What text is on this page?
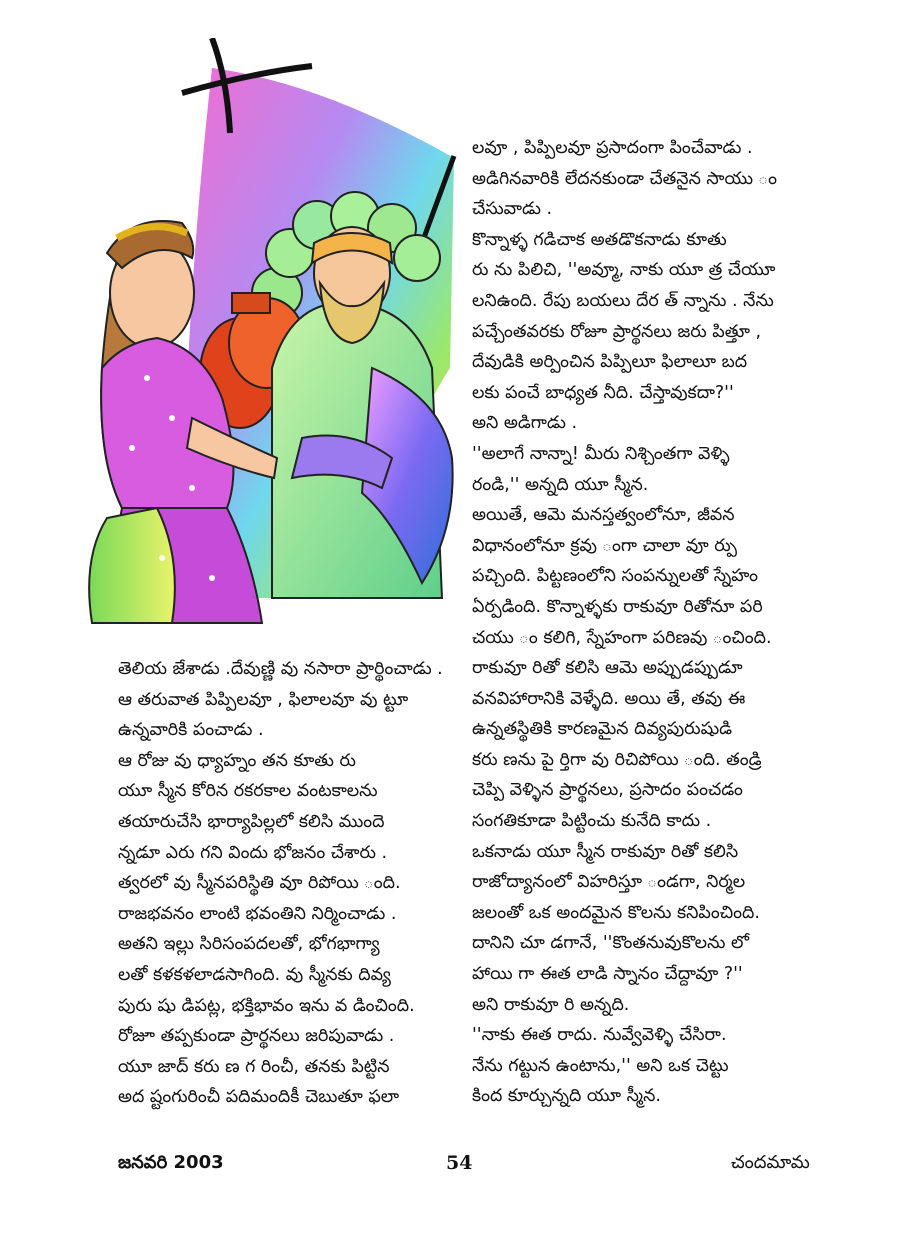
లవూ , పిప్పిలవూ ప్రసాదంగా పించేవాడు .

అడిగినవారికి లేదనకుండా చేతనైన సాయు ం

చేసువాడు .

కొన్నాళ్ళ గడిచాక అతడొకనాడు కూతు

రు ను పిలిచి, ''అవ్మూ, నాకు యూ త్ర చేయూ

లనిఉంది. రేపు బయలు దేర త్ న్నాను . నేను

పచ్చేంతవరకు రోజూ ప్రార్థనలు జరు పిత్తూ ,

దేవుడికి అర్పించిన పిప్పిలూ ఫిలాలూ బద

లకు పంచే బాధ్యత నీది. చేస్తావుకదా?''

అని అడిగాడు .

''అలాగే నాన్నా! మీరు నిశ్చింతగా వెళ్ళి

రండి,'' అన్నది యూ స్మీన.

అయితే, ఆమె మనస్తత్వంలోనూ, జీవన

విధానంలోనూ క్రవు ంగా చాలా వూ ర్పు

పచ్చింది. పిట్టణంలోని సంపన్నులతో స్నేహం

ఏర్పడింది. కొన్నాళ్ళకు రాకువూ రితోనూ పరి

చయు ం కలిగి, స్నేహంగా పరిణవు ంచింది.

రాకువూ రితో కలిసి ఆమె అప్పుడప్పుడూ

వనవిహారానికి వెళ్ళేది. అయి తే, తవు ఈ

ఉన్నతస్థితికి కారణమైన దివ్యపురుషుడి

కరు ణను పై ర్తిగా వు రిచిపోయి ంది. తండ్రి

చెప్పి వెళ్ళిన ప్రార్థనలు, ప్రసాదం పంచడం

సంగతికూడా పిట్టించు కునేది కాదు .

ఒకనాడు యూ స్మీన రాకువూ రితో కలిసి

రాజోద్యానంలో విహరిస్తూ ండగా, నిర్మల

జలంతో ఒక అందమైన కొలను కనిపించింది.

దానిని చూ డగానే, ''కొంతనువుకొలను లో

హాయి గా ఈత లాడి స్నానం చేద్దావూ ?''

అని రాకువూ రి అన్నది.

''నాకు ఈత రాదు. నువ్వేవెళ్ళి చేసిరా.

నేను గట్టున ఉంటాను,'' అని ఒక చెట్టు

కింద కూర్చున్నది యూ స్మీన.

తెలియ జేశాడు .దేవుణ్ణి వు నసారా ప్రార్థించాడు .

ఆ తరువాత పిప్పిలవూ , ఫిలాలవూ వు ట్టూ

ఉన్నవారికి పంచాడు .

ఆ రోజు వు ధ్యాహ్నం తన కూతు రు

యూ స్మీన కోరిన రకరకాల వంటకాలను

తయారుచేసి భార్యాపిల్లలో కలిసి ముందె

న్నడూ ఎరు గని విందు భోజనం చేశారు .

త్వరలో వు స్మీనపరిస్థితి వూ రిపోయి ంది.

రాజభవనం లాంటి భవంతిని నిర్మించాడు .

అతని ఇల్లు సిరిసంపదలతో, భోగభాగ్యా

లతో కళకళలాడసాగింది. వు స్మీనకు దివ్య

పురు షు డిపట్ల, భక్తిభావం ఇను వ డించింది.

రోజూ తప్పకుండా ప్రార్థనలు జరిపువాడు .

యూ జాద్ కరు ణ గ రించీ, తనకు పిట్టిన

అద ష్టంగురించీ పదిమందికీ చెబుతూ ఫలా

జనవరి 2003	54	చందమామ
